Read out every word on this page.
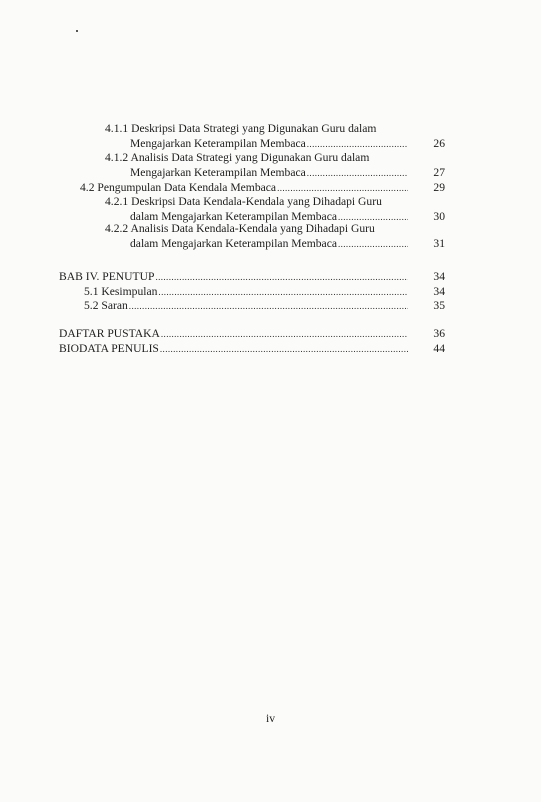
4.1.1 Deskripsi Data Strategi yang Digunakan Guru dalam
Mengajarkan Keterampilan Membaca .....	26
4.1.2 Analisis Data Strategi yang Digunakan Guru dalam
Mengajarkan Keterampilan Membaca .....	27
4.2 Pengumpulan Data Kendala Membaca .....	29
4.2.1 Deskripsi Data Kendala-Kendala yang Dihadapi Guru
dalam Mengajarkan Keterampilan Membaca .....	30
4.2.2 Analisis Data Kendala-Kendala yang Dihadapi Guru
dalam Mengajarkan Keterampilan Membaca .....	31
BAB IV. PENUTUP .....	34
5.1 Kesimpulan .....	34
5.2 Saran .....	35
DAFTAR PUSTAKA .....	36
BIODATA PENULIS .....	44
iv
